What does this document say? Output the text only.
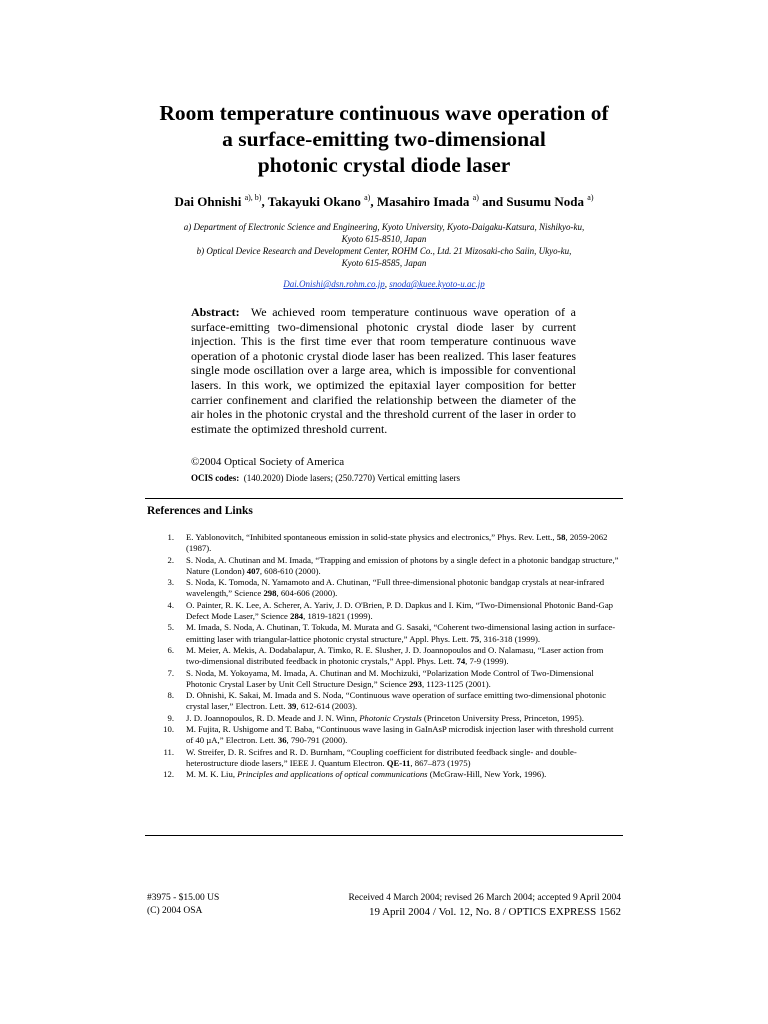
Room temperature continuous wave operation of
a surface-emitting two-dimensional
photonic crystal diode laser
Dai Ohnishi $^{a), b)}$, Takayuki Okano $^{a)}$, Masahiro Imada $^{a)}$ and Susumu Noda $^{a)}$
a) Department of Electronic Science and Engineering, Kyoto University, Kyoto-Daigaku-Katsura, Nishikyo-ku,
Kyoto 615-8510, Japan
b) Optical Device Research and Development Center, ROHM Co., Ltd. 21 Mizosaki-cho Saiin, Ukyo-ku,
Kyoto 615-8585, Japan
Dai.Onishi@dsn.rohm.co.jp, snoda@kuee.kyoto-u.ac.jp
Abstract: We achieved room temperature continuous wave operation of a surface-emitting two-dimensional photonic crystal diode laser by current injection. This is the first time ever that room temperature continuous wave operation of a photonic crystal diode laser has been realized. This laser features single mode oscillation over a large area, which is impossible for conventional lasers. In this work, we optimized the epitaxial layer composition for better carrier confinement and clarified the relationship between the diameter of the air holes in the photonic crystal and the threshold current of the laser in order to estimate the optimized threshold current.
©2004 Optical Society of America
OCIS codes: (140.2020) Diode lasers; (250.7270) Vertical emitting lasers
References and Links
1. E. Yablonovitch, “Inhibited spontaneous emission in solid-state physics and electronics,” Phys. Rev. Lett., 58, 2059-2062 (1987).
2. S. Noda, A. Chutinan and M. Imada, “Trapping and emission of photons by a single defect in a photonic bandgap structure,” Nature (London) 407, 608-610 (2000).
3. S. Noda, K. Tomoda, N. Yamamoto and A. Chutinan, “Full three-dimensional photonic bandgap crystals at near-infrared wavelength,” Science 298, 604-606 (2000).
4. O. Painter, R. K. Lee, A. Scherer, A. Yariv, J. D. O'Brien, P. D. Dapkus and I. Kim, “Two-Dimensional Photonic Band-Gap Defect Mode Laser,” Science 284, 1819-1821 (1999).
5. M. Imada, S. Noda, A. Chutinan, T. Tokuda, M. Murata and G. Sasaki, “Coherent two-dimensional lasing action in surface-emitting laser with triangular-lattice photonic crystal structure,” Appl. Phys. Lett. 75, 316-318 (1999).
6. M. Meier, A. Mekis, A. Dodabalapur, A. Timko, R. E. Slusher, J. D. Joannopoulos and O. Nalamasu, “Laser action from two-dimensional distributed feedback in photonic crystals,” Appl. Phys. Lett. 74, 7-9 (1999).
7. S. Noda, M. Yokoyama, M. Imada, A. Chutinan and M. Mochizuki, “Polarization Mode Control of Two-Dimensional Photonic Crystal Laser by Unit Cell Structure Design,” Science 293, 1123-1125 (2001).
8. D. Ohnishi, K. Sakai, M. Imada and S. Noda, “Continuous wave operation of surface emitting two-dimensional photonic crystal laser,” Electron. Lett. 39, 612-614 (2003).
9. J. D. Joannopoulos, R. D. Meade and J. N. Winn, Photonic Crystals (Princeton University Press, Princeton, 1995).
10. M. Fujita, R. Ushigome and T. Baba, “Continuous wave lasing in GaInAsP microdisk injection laser with threshold current of 40 µA,” Electron. Lett. 36, 790-791 (2000).
11. W. Streifer, D. R. Scifres and R. D. Burnham, “Coupling coefficient for distributed feedback single- and double-heterostructure diode lasers,” IEEE J. Quantum Electron. QE-11, 867–873 (1975)
12. M. M. K. Liu, Principles and applications of optical communications (McGraw-Hill, New York, 1996).
#3975 - $15.00 US
(C) 2004 OSA
Received 4 March 2004; revised 26 March 2004; accepted 9 April 2004
19 April 2004 / Vol. 12, No. 8 / OPTICS EXPRESS 1562
